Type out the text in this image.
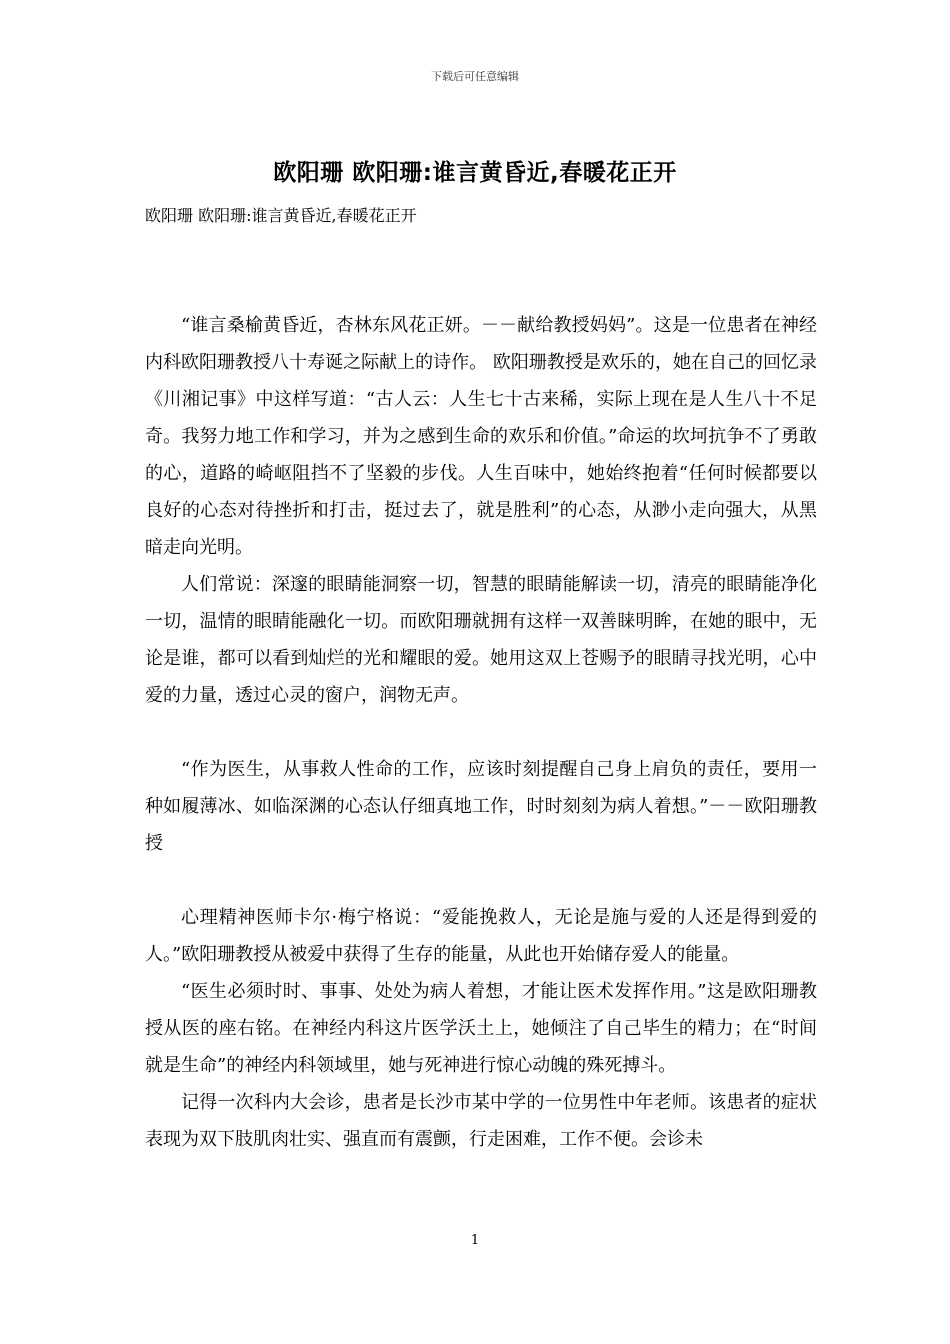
下载后可任意编辑
欧阳珊 欧阳珊:谁言黄昏近,春暖花正开
欧阳珊 欧阳珊:谁言黄昏近,春暖花正开

“谁言桑榆黄昏近，杏林东风花正妍。－－献给教授妈妈”。这是一位患者在神经内科欧阳珊教授八十寿诞之际献上的诗作。 欧阳珊教授是欢乐的，她在自己的回忆录《川湘记事》中这样写道：“古人云：人生七十古来稀，实际上现在是人生八十不足奇。我努力地工作和学习，并为之感到生命的欢乐和价值。”命运的坎坷抗争不了勇敢的心，道路的崎岖阻挡不了坚毅的步伐。人生百味中，她始终抱着“任何时候都要以良好的心态对待挫折和打击，挺过去了，就是胜利”的心态，从渺小走向强大，从黑暗走向光明。

人们常说：深邃的眼睛能洞察一切，智慧的眼睛能解读一切，清亮的眼睛能净化一切，温情的眼睛能融化一切。而欧阳珊就拥有这样一双善睐明眸，在她的眼中，无论是谁，都可以看到灿烂的光和耀眼的爱。她用这双上苍赐予的眼睛寻找光明，心中爱的力量，透过心灵的窗户，润物无声。

“作为医生，从事救人性命的工作，应该时刻提醒自己身上肩负的责任，要用一种如履薄冰、如临深渊的心态认仔细真地工作，时时刻刻为病人着想。”－－欧阳珊教授

心理精神医师卡尔·梅宁格说：“爱能挽救人，无论是施与爱的人还是得到爱的人。”欧阳珊教授从被爱中获得了生存的能量，从此也开始储存爱人的能量。

“医生必须时时、事事、处处为病人着想，才能让医术发挥作用。”这是欧阳珊教授从医的座右铭。在神经内科这片医学沃土上，她倾注了自己毕生的精力；在“时间就是生命”的神经内科领域里，她与死神进行惊心动魄的殊死搏斗。

记得一次科内大会诊，患者是长沙市某中学的一位男性中年老师。该患者的症状表现为双下肢肌肉壮实、强直而有震颤，行走困难，工作不便。会诊未

1
